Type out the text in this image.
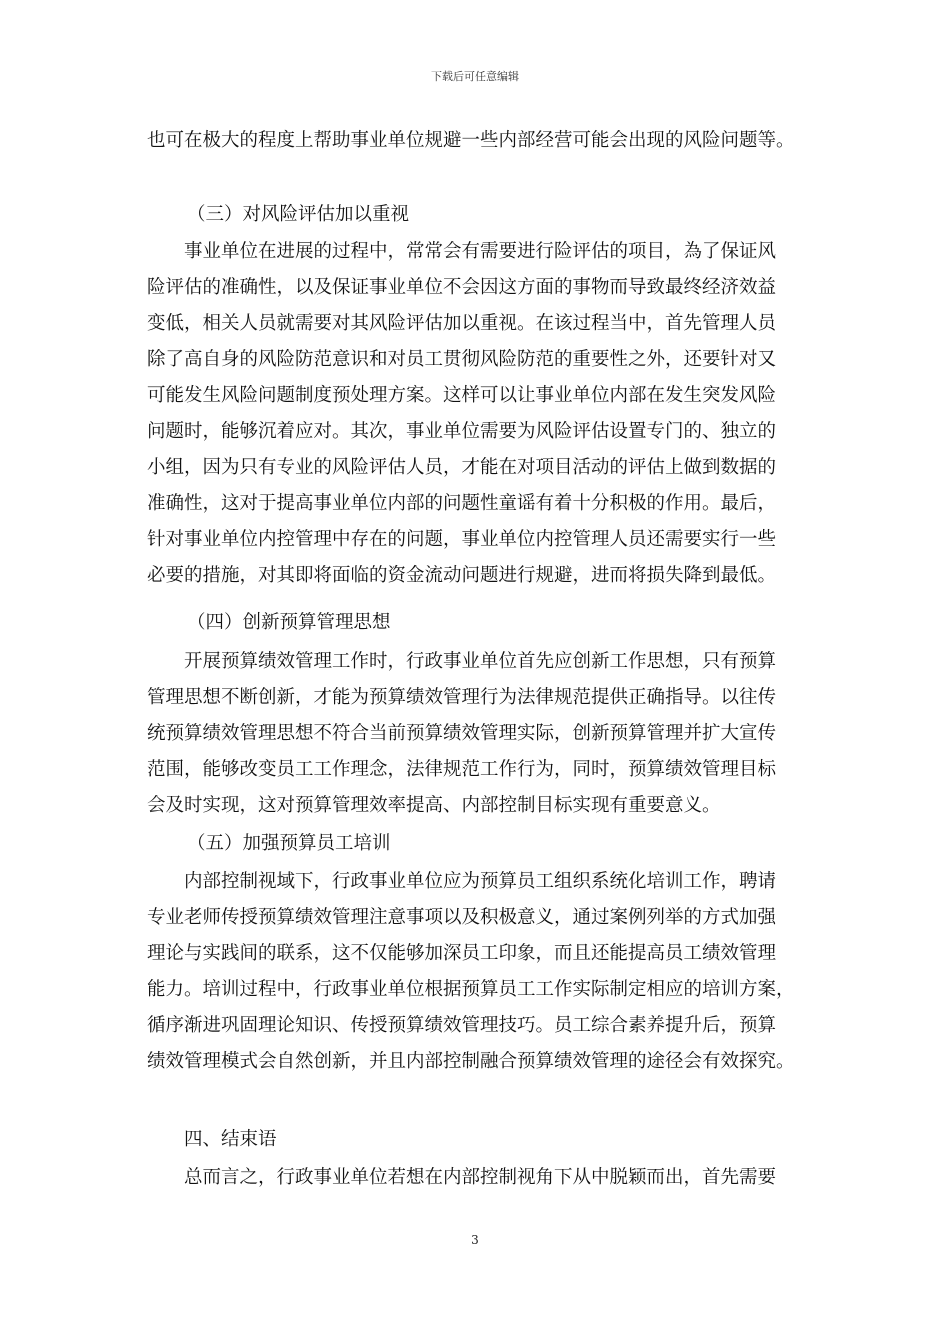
下载后可任意编辑
也可在极大的程度上帮助事业单位规避一些内部经营可能会出现的风险问题等。
（三）对风险评估加以重视
事业单位在进展的过程中，常常会有需要进行险评估的项目，為了保证风
险评估的准确性，以及保证事业单位不会因这方面的事物而导致最终经济效益
变低，相关人员就需要对其风险评估加以重视。在该过程当中，首先管理人员
除了高自身的风险防范意识和对员工贯彻风险防范的重要性之外，还要针对又
可能发生风险问题制度预处理方案。这样可以让事业单位内部在发生突发风险
问题时，能够沉着应对。其次，事业单位需要为风险评估设置专门的、独立的
小组，因为只有专业的风险评估人员，才能在对项目活动的评估上做到数据的
准确性，这对于提高事业单位内部的问题性童谣有着十分积极的作用。最后，
针对事业单位内控管理中存在的问题，事业单位内控管理人员还需要实行一些
必要的措施，对其即将面临的资金流动问题进行规避，进而将损失降到最低。
（四）创新预算管理思想
开展预算绩效管理工作时，行政事业单位首先应创新工作思想，只有预算
管理思想不断创新，才能为预算绩效管理行为法律规范提供正确指导。以往传
统预算绩效管理思想不符合当前预算绩效管理实际，创新预算管理并扩大宣传
范围，能够改变员工工作理念，法律规范工作行为，同时，预算绩效管理目标
会及时实现，这对预算管理效率提高、内部控制目标实现有重要意义。
（五）加强预算员工培训
内部控制视域下，行政事业单位应为预算员工组织系统化培训工作，聘请
专业老师传授预算绩效管理注意事项以及积极意义，通过案例列举的方式加强
理论与实践间的联系，这不仅能够加深员工印象，而且还能提高员工绩效管理
能力。培训过程中，行政事业单位根据预算员工工作实际制定相应的培训方案，
循序渐进巩固理论知识、传授预算绩效管理技巧。员工综合素养提升后，预算
绩效管理模式会自然创新，并且内部控制融合预算绩效管理的途径会有效探究。
四、结束语
总而言之，行政事业单位若想在内部控制视角下从中脱颖而出，首先需要
3
